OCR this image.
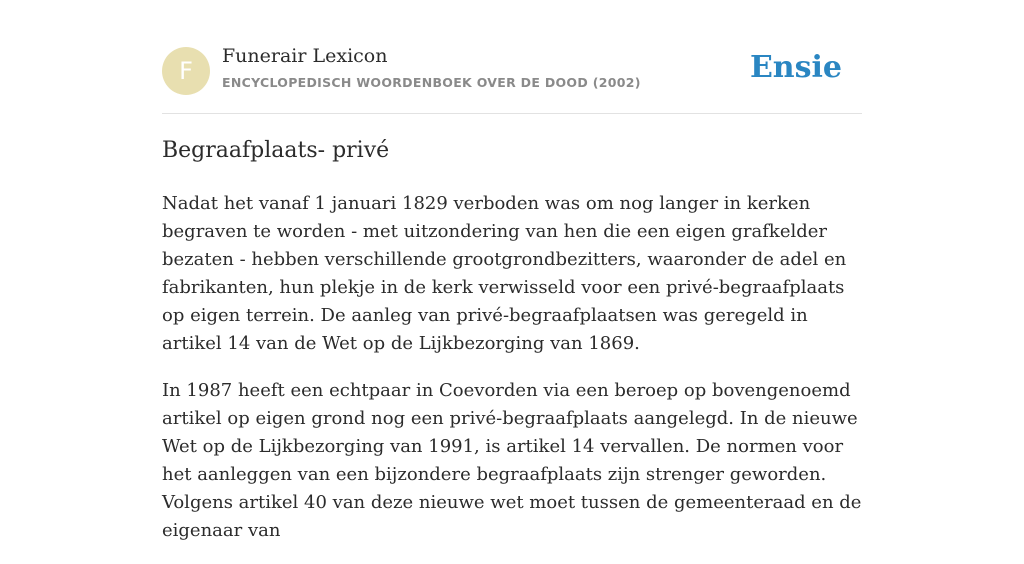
F
Funerair Lexicon
ENCYCLOPEDISCH WOORDENBOEK OVER DE DOOD (2002)	Ensie
Begraafplaats- privé

Nadat het vanaf 1 januari 1829 verboden was om nog langer in kerken begraven te worden - met uitzondering van hen die een eigen grafkelder bezaten - hebben verschillende grootgrondbezitters, waaronder de adel en fabrikanten, hun plekje in de kerk verwisseld voor een privé-begraafplaats op eigen terrein. De aanleg van privé-begraafplaatsen was geregeld in artikel 14 van de Wet op de Lijkbezorging van 1869.

In 1987 heeft een echtpaar in Coevorden via een beroep op bovengenoemd artikel op eigen grond nog een privé-begraafplaats aangelegd. In de nieuwe Wet op de Lijkbezorging van 1991, is artikel 14 vervallen. De normen voor het aanleggen van een bijzondere begraafplaats zijn strenger geworden. Volgens artikel 40 van deze nieuwe wet moet tussen de gemeenteraad en de eigenaar van
